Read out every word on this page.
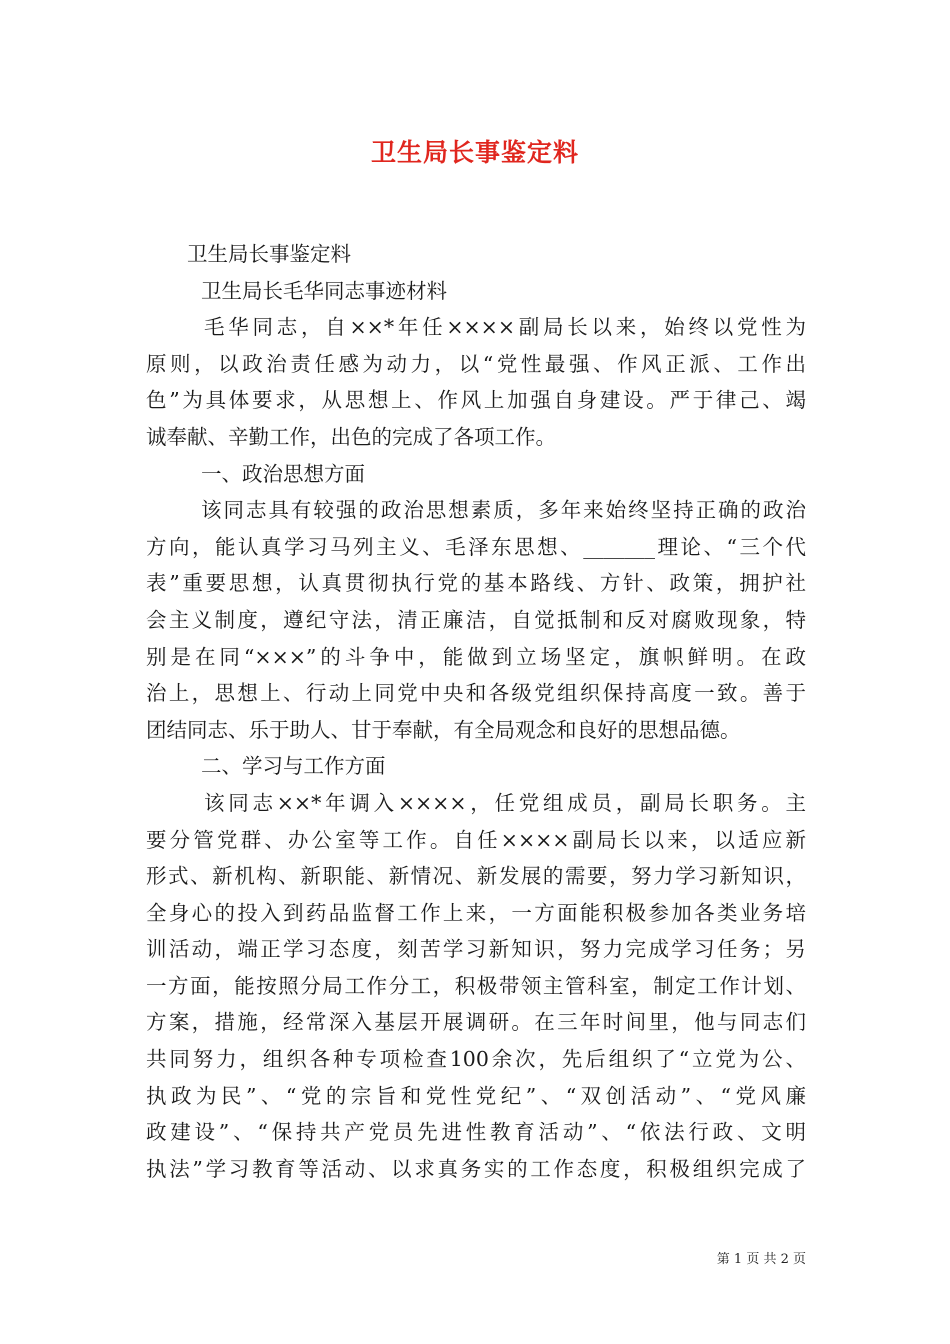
卫生局长事鉴定料
卫生局长事鉴定料
卫生局长毛华同志事迹材料
毛华同志，自××*年任××××副局长以来，始终以党性为
原则，以政治责任感为动力，以“党性最强、作风正派、工作出
色”为具体要求，从思想上、作风上加强自身建设。严于律己、竭
诚奉献、辛勤工作，出色的完成了各项工作。
一、政治思想方面
该同志具有较强的政治思想素质，多年来始终坚持正确的政治
方向，能认真学习马列主义、毛泽东思想、_______理论、“三个代
表”重要思想，认真贯彻执行党的基本路线、方针、政策，拥护社
会主义制度，遵纪守法，清正廉洁，自觉抵制和反对腐败现象，特
别是在同“×××”的斗争中，能做到立场坚定，旗帜鲜明。在政
治上，思想上、行动上同党中央和各级党组织保持高度一致。善于
团结同志、乐于助人、甘于奉献，有全局观念和良好的思想品德。
二、学习与工作方面
该同志××*年调入××××，任党组成员，副局长职务。主
要分管党群、办公室等工作。自任××××副局长以来，以适应新
形式、新机构、新职能、新情况、新发展的需要，努力学习新知识，
全身心的投入到药品监督工作上来，一方面能积极参加各类业务培
训活动，端正学习态度，刻苦学习新知识，努力完成学习任务；另
一方面，能按照分局工作分工，积极带领主管科室，制定工作计划、
方案，措施，经常深入基层开展调研。在三年时间里，他与同志们
共同努力，组织各种专项检查100余次，先后组织了“立党为公、
执政为民”、“党的宗旨和党性党纪”、“双创活动”、“党风廉
政建设”、“保持共产党员先进性教育活动”、“依法行政、文明
执法”学习教育等活动、以求真务实的工作态度，积极组织完成了
第 1 页 共 2 页
